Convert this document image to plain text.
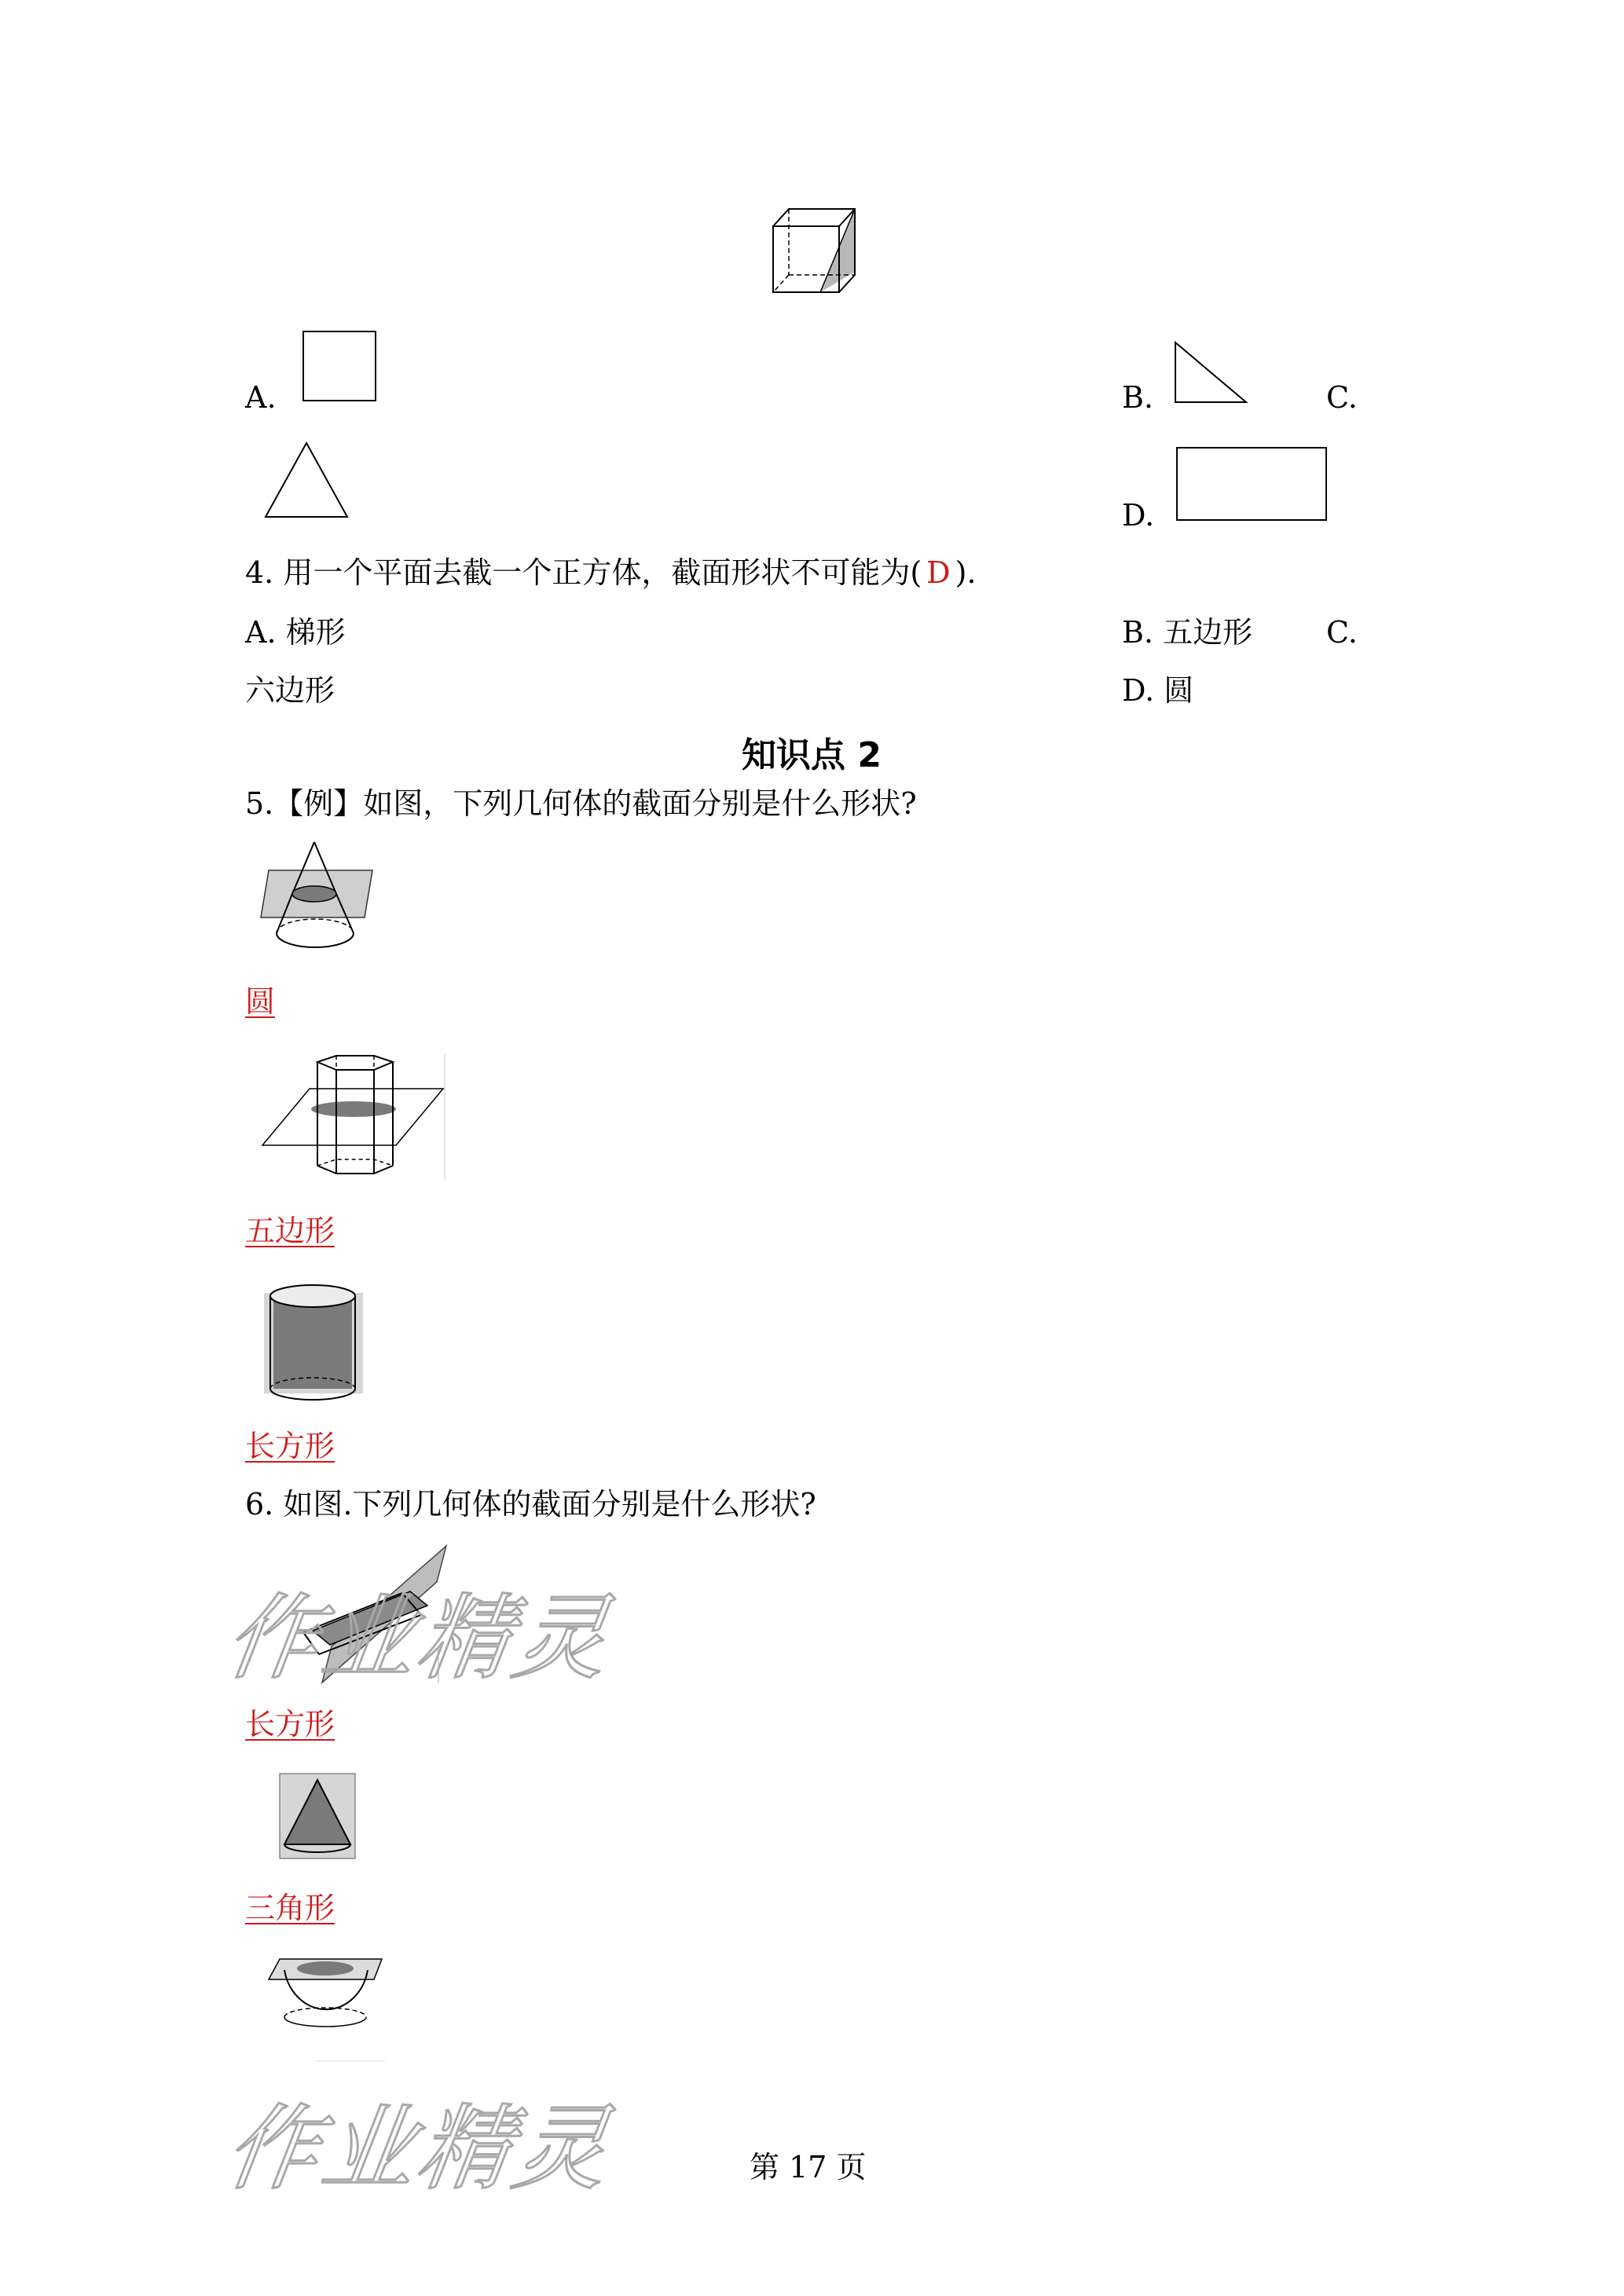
A.	B.	C.
D.
4. 用一个平面去截一个正方体，截面形状不可能为( D ).
A. 梯形	B. 五边形 C.
六边形	D. 圆
知识点 2
5.【例】如图，下列几何体的截面分别是什么形状?
圆
五边形
长方形
6. 如图.下列几何体的截面分别是什么形状?
长方形
三角形
作业精灵
作业精灵	第 17 页
